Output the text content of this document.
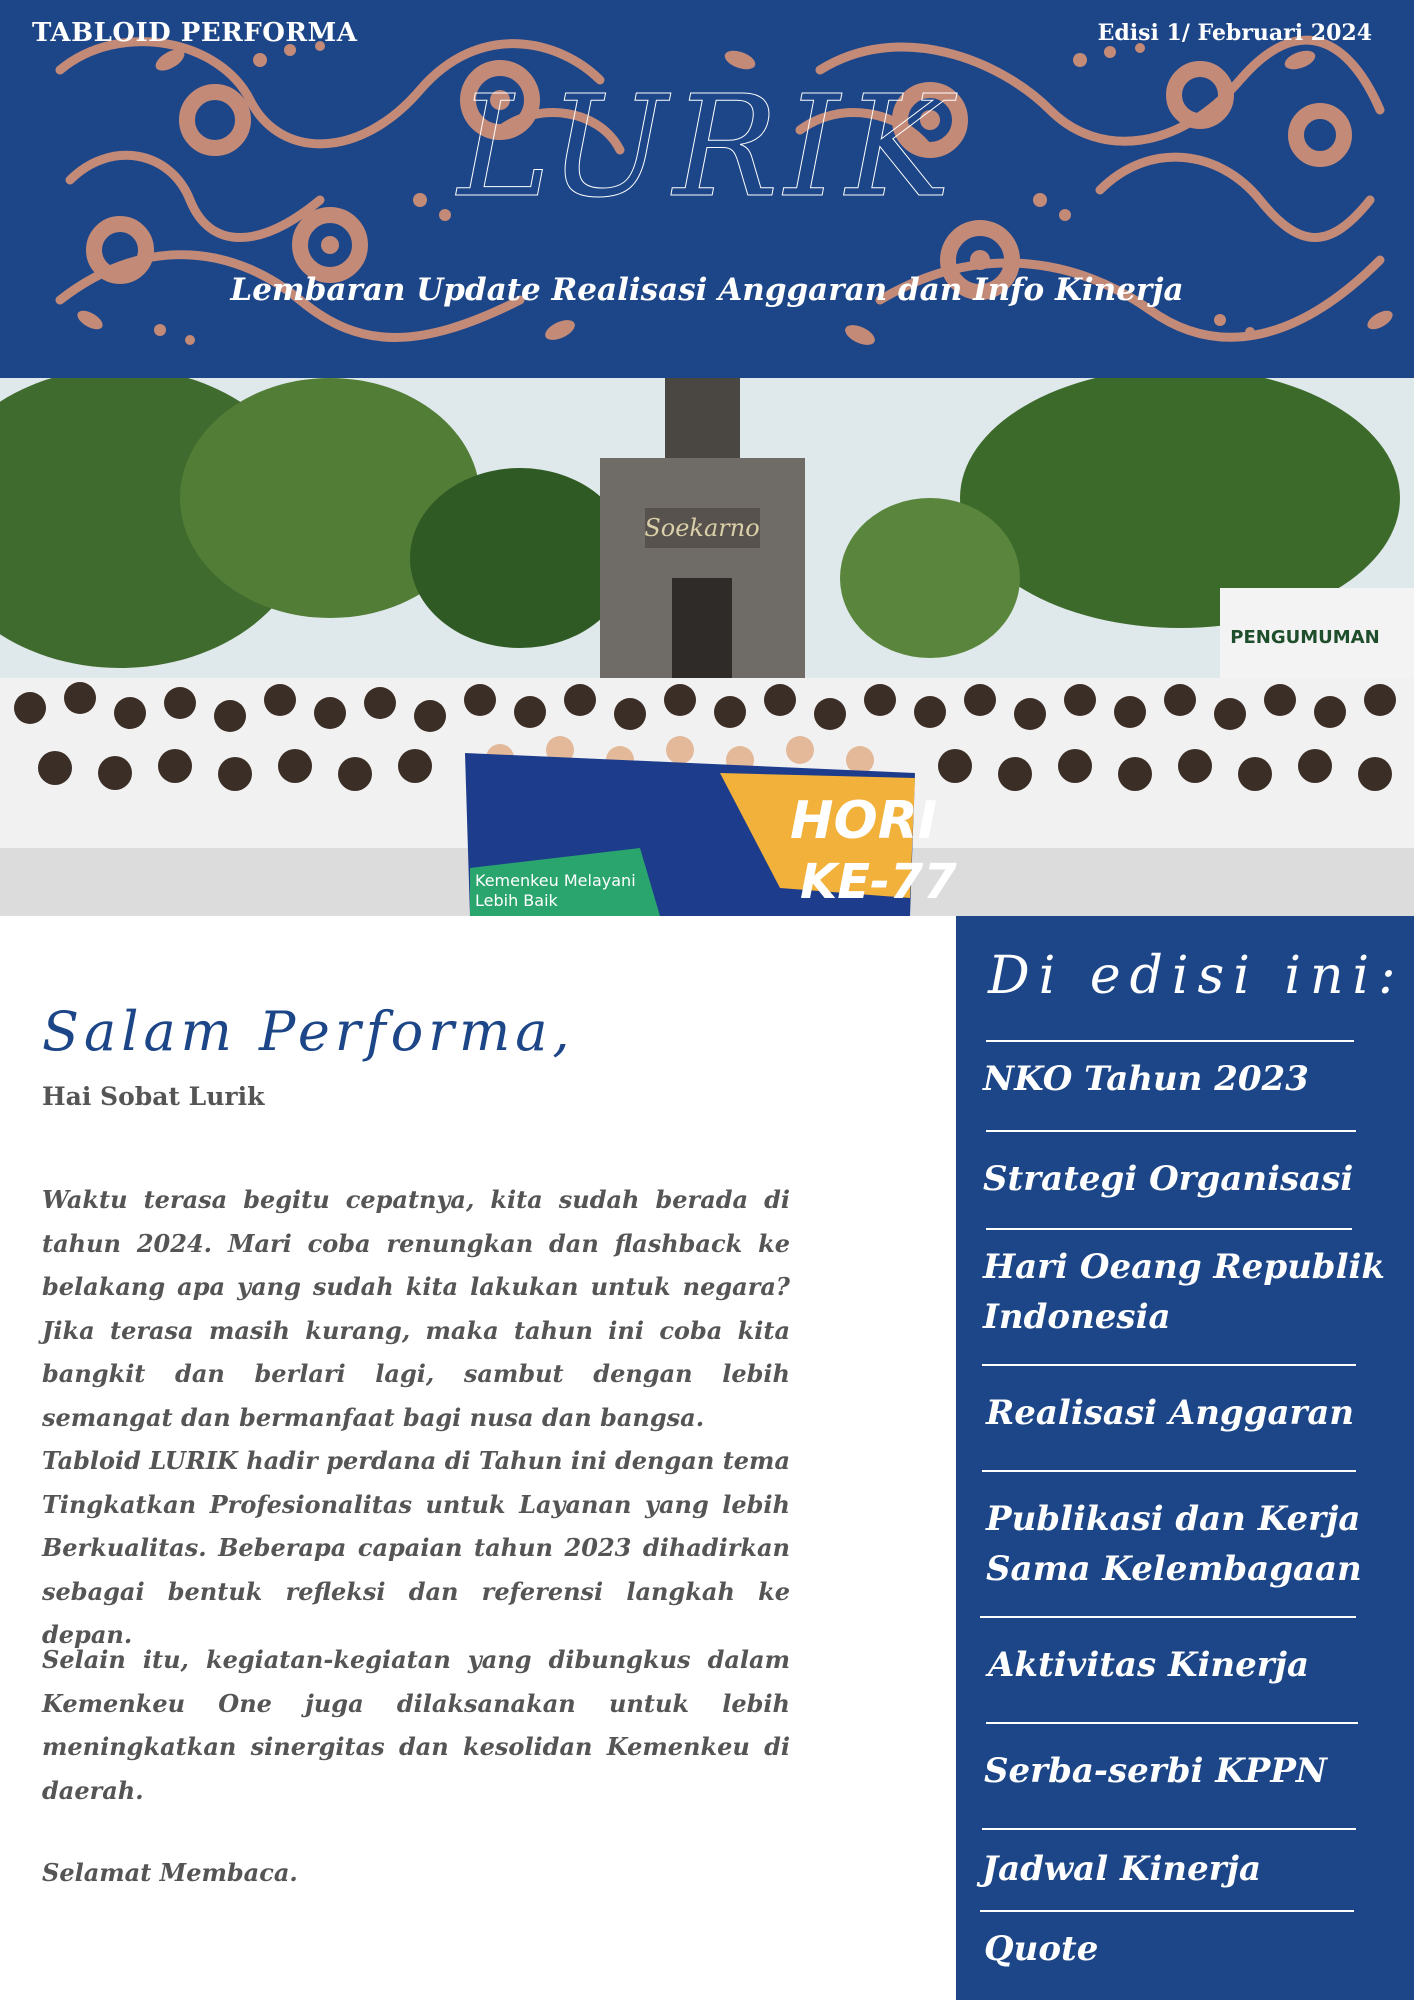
TABLOID PERFORMA	Edisi 1/ Februari 2024
LURIK
Lembaran Update Realisasi Anggaran dan Info Kinerja
Soekarno
PENGUMUMAN
HORI
KE-77
Kemenkeu Melayani
Lebih Baik
Salam Performa,
Hai Sobat Lurik

Waktu terasa begitu cepatnya, kita sudah berada di tahun 2024. Mari coba renungkan dan flashback ke belakang apa yang sudah kita lakukan untuk negara? Jika terasa masih kurang, maka tahun ini coba kita bangkit dan berlari lagi, sambut dengan lebih semangat dan bermanfaat bagi nusa dan bangsa.

Tabloid LURIK hadir perdana di Tahun ini dengan tema Tingkatkan Profesionalitas untuk Layanan yang lebih Berkualitas. Beberapa capaian tahun 2023 dihadirkan sebagai bentuk refleksi dan referensi langkah ke depan.

Selain itu, kegiatan-kegiatan yang dibungkus dalam Kemenkeu One juga dilaksanakan untuk lebih meningkatkan sinergitas dan kesolidan Kemenkeu di daerah.

Selamat Membaca.
Di edisi ini:
NKO Tahun 2023
Strategi Organisasi
Hari Oeang Republik
Indonesia
Realisasi Anggaran
Publikasi dan Kerja
Sama Kelembagaan
Aktivitas Kinerja
Serba-serbi KPPN
Jadwal Kinerja
Quote
